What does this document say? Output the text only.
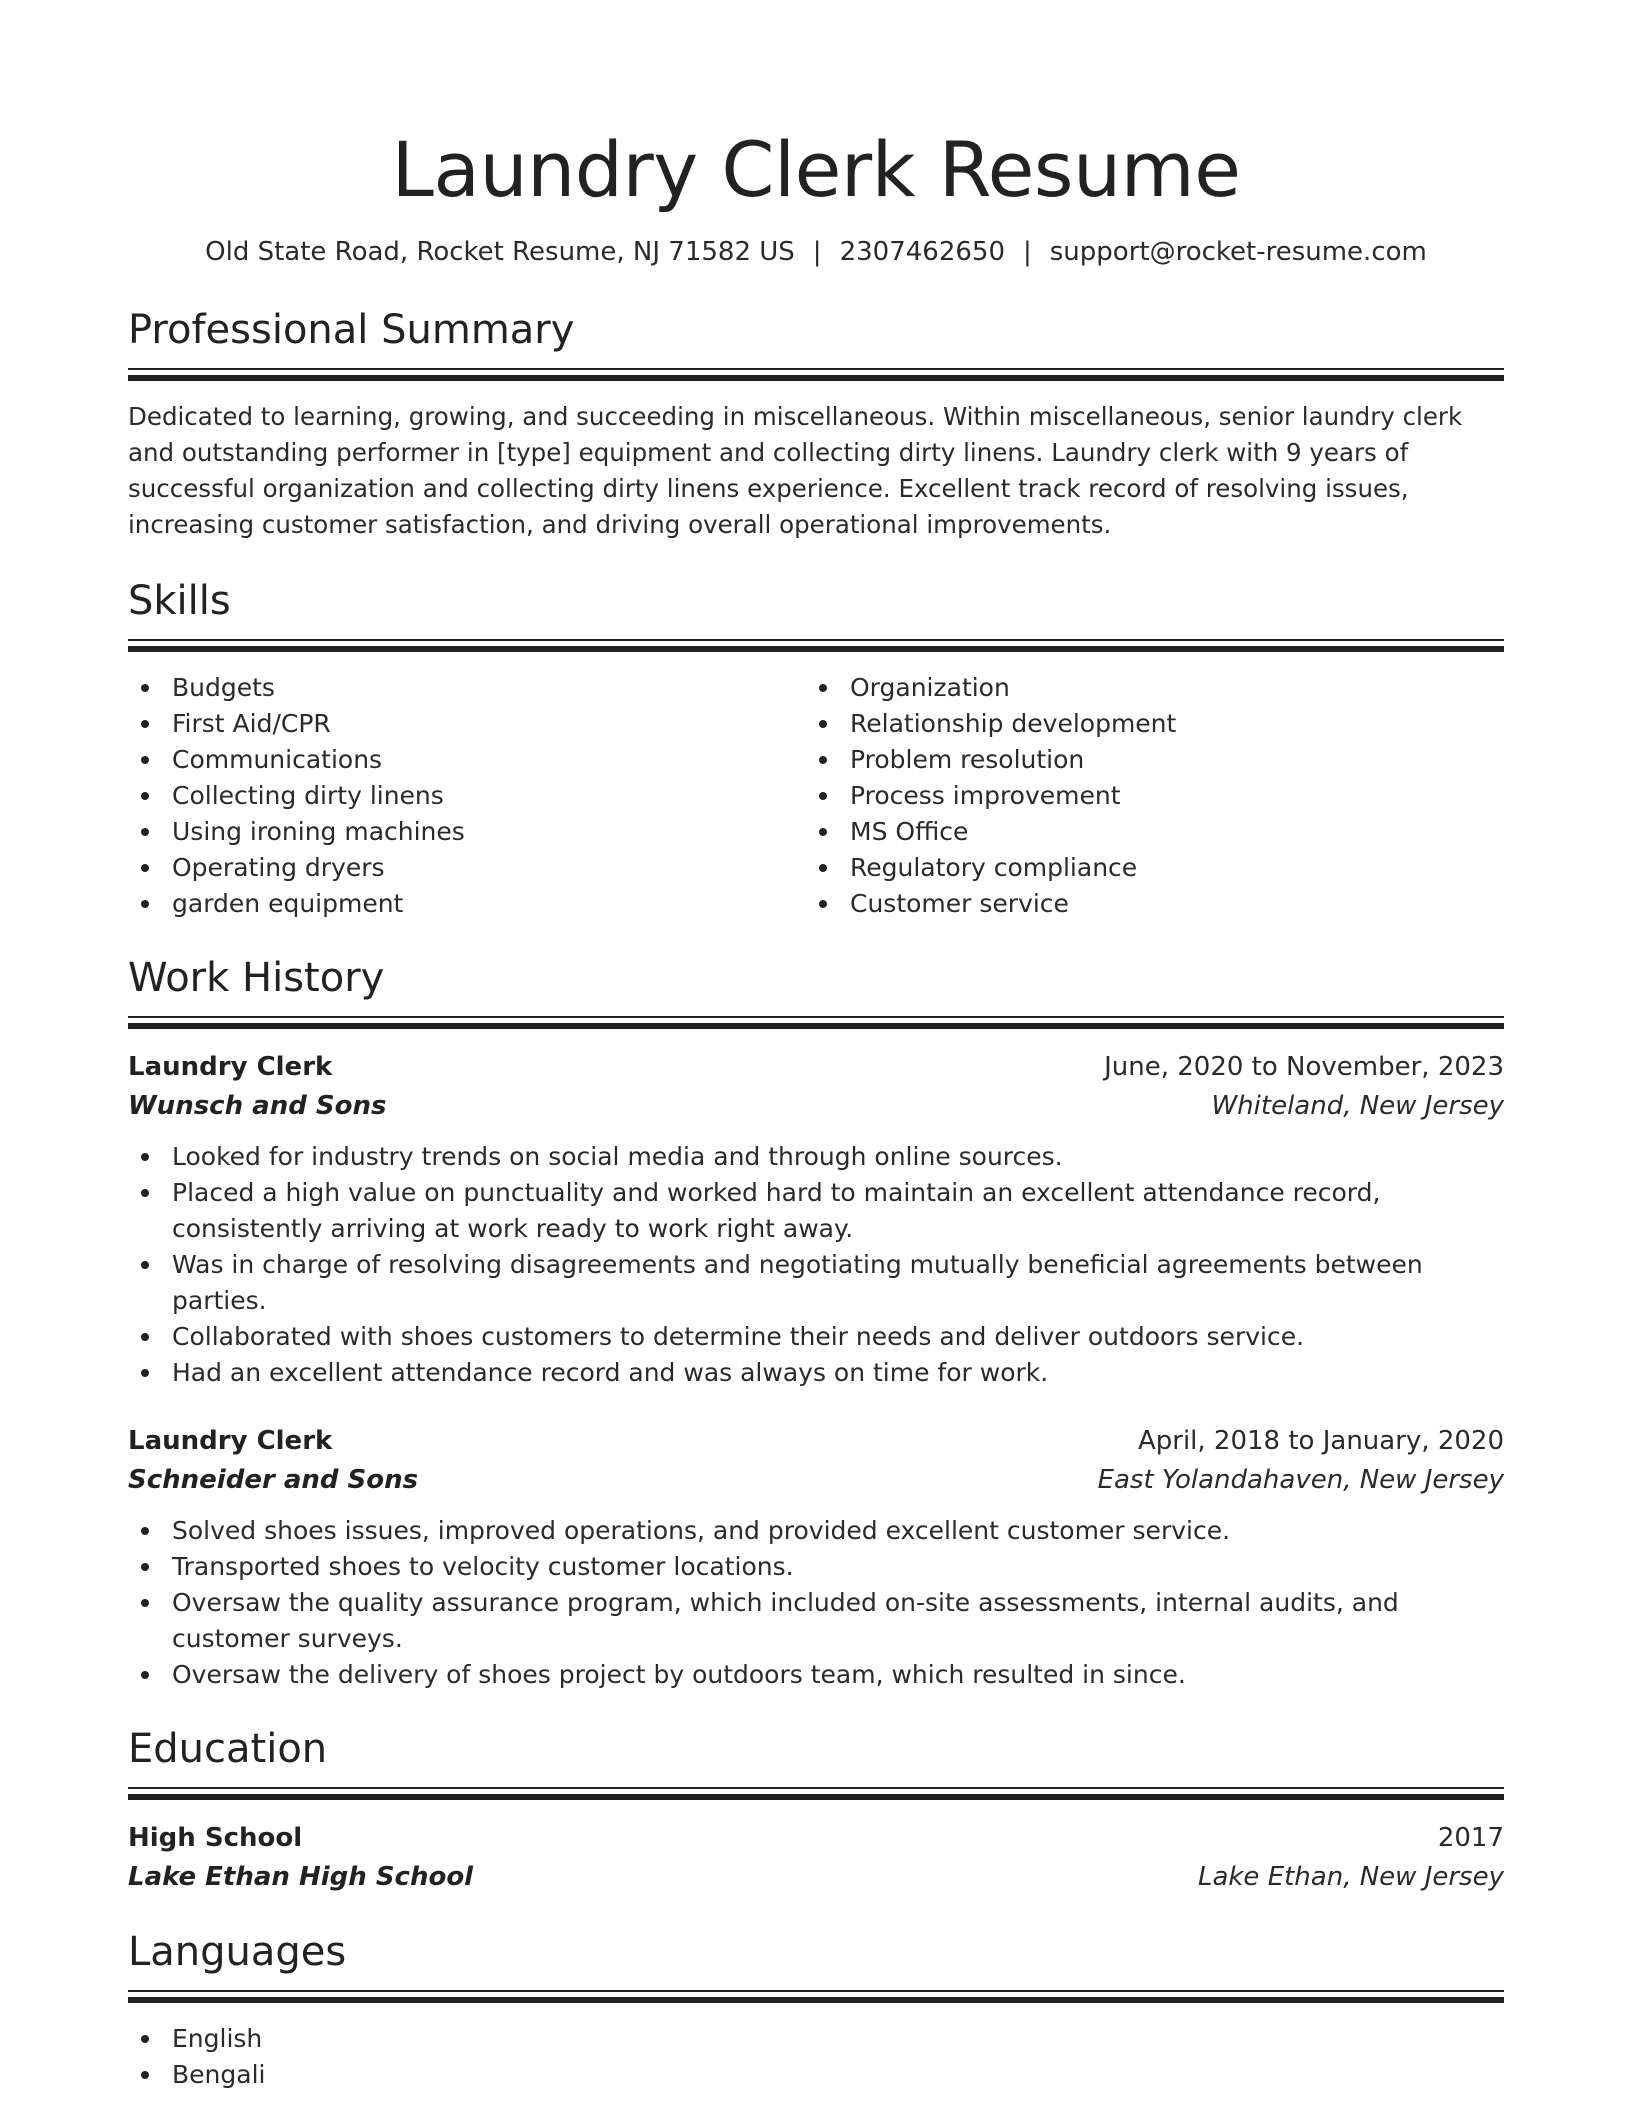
Laundry Clerk Resume
Old State Road, Rocket Resume, NJ 71582 US | 2307462650 | support@rocket-resume.com
Professional Summary
Dedicated to learning, growing, and succeeding in miscellaneous. Within miscellaneous, senior laundry clerk and outstanding performer in [type] equipment and collecting dirty linens. Laundry clerk with 9 years of successful organization and collecting dirty linens experience. Excellent track record of resolving issues, increasing customer satisfaction, and driving overall operational improvements.
Skills
Budgets
First Aid/CPR
Communications
Collecting dirty linens
Using ironing machines
Operating dryers
garden equipment
Organization
Relationship development
Problem resolution
Process improvement
MS Office
Regulatory compliance
Customer service
Work History
Laundry Clerk	June, 2020 to November, 2023
Wunsch and Sons	Whiteland, New Jersey
Looked for industry trends on social media and through online sources.
Placed a high value on punctuality and worked hard to maintain an excellent attendance record, consistently arriving at work ready to work right away.
Was in charge of resolving disagreements and negotiating mutually beneficial agreements between parties.
Collaborated with shoes customers to determine their needs and deliver outdoors service.
Had an excellent attendance record and was always on time for work.
Laundry Clerk	April, 2018 to January, 2020
Schneider and Sons	East Yolandahaven, New Jersey
Solved shoes issues, improved operations, and provided excellent customer service.
Transported shoes to velocity customer locations.
Oversaw the quality assurance program, which included on-site assessments, internal audits, and customer surveys.
Oversaw the delivery of shoes project by outdoors team, which resulted in since.
Education
High School	2017
Lake Ethan High School	Lake Ethan, New Jersey
Languages
English
Bengali
